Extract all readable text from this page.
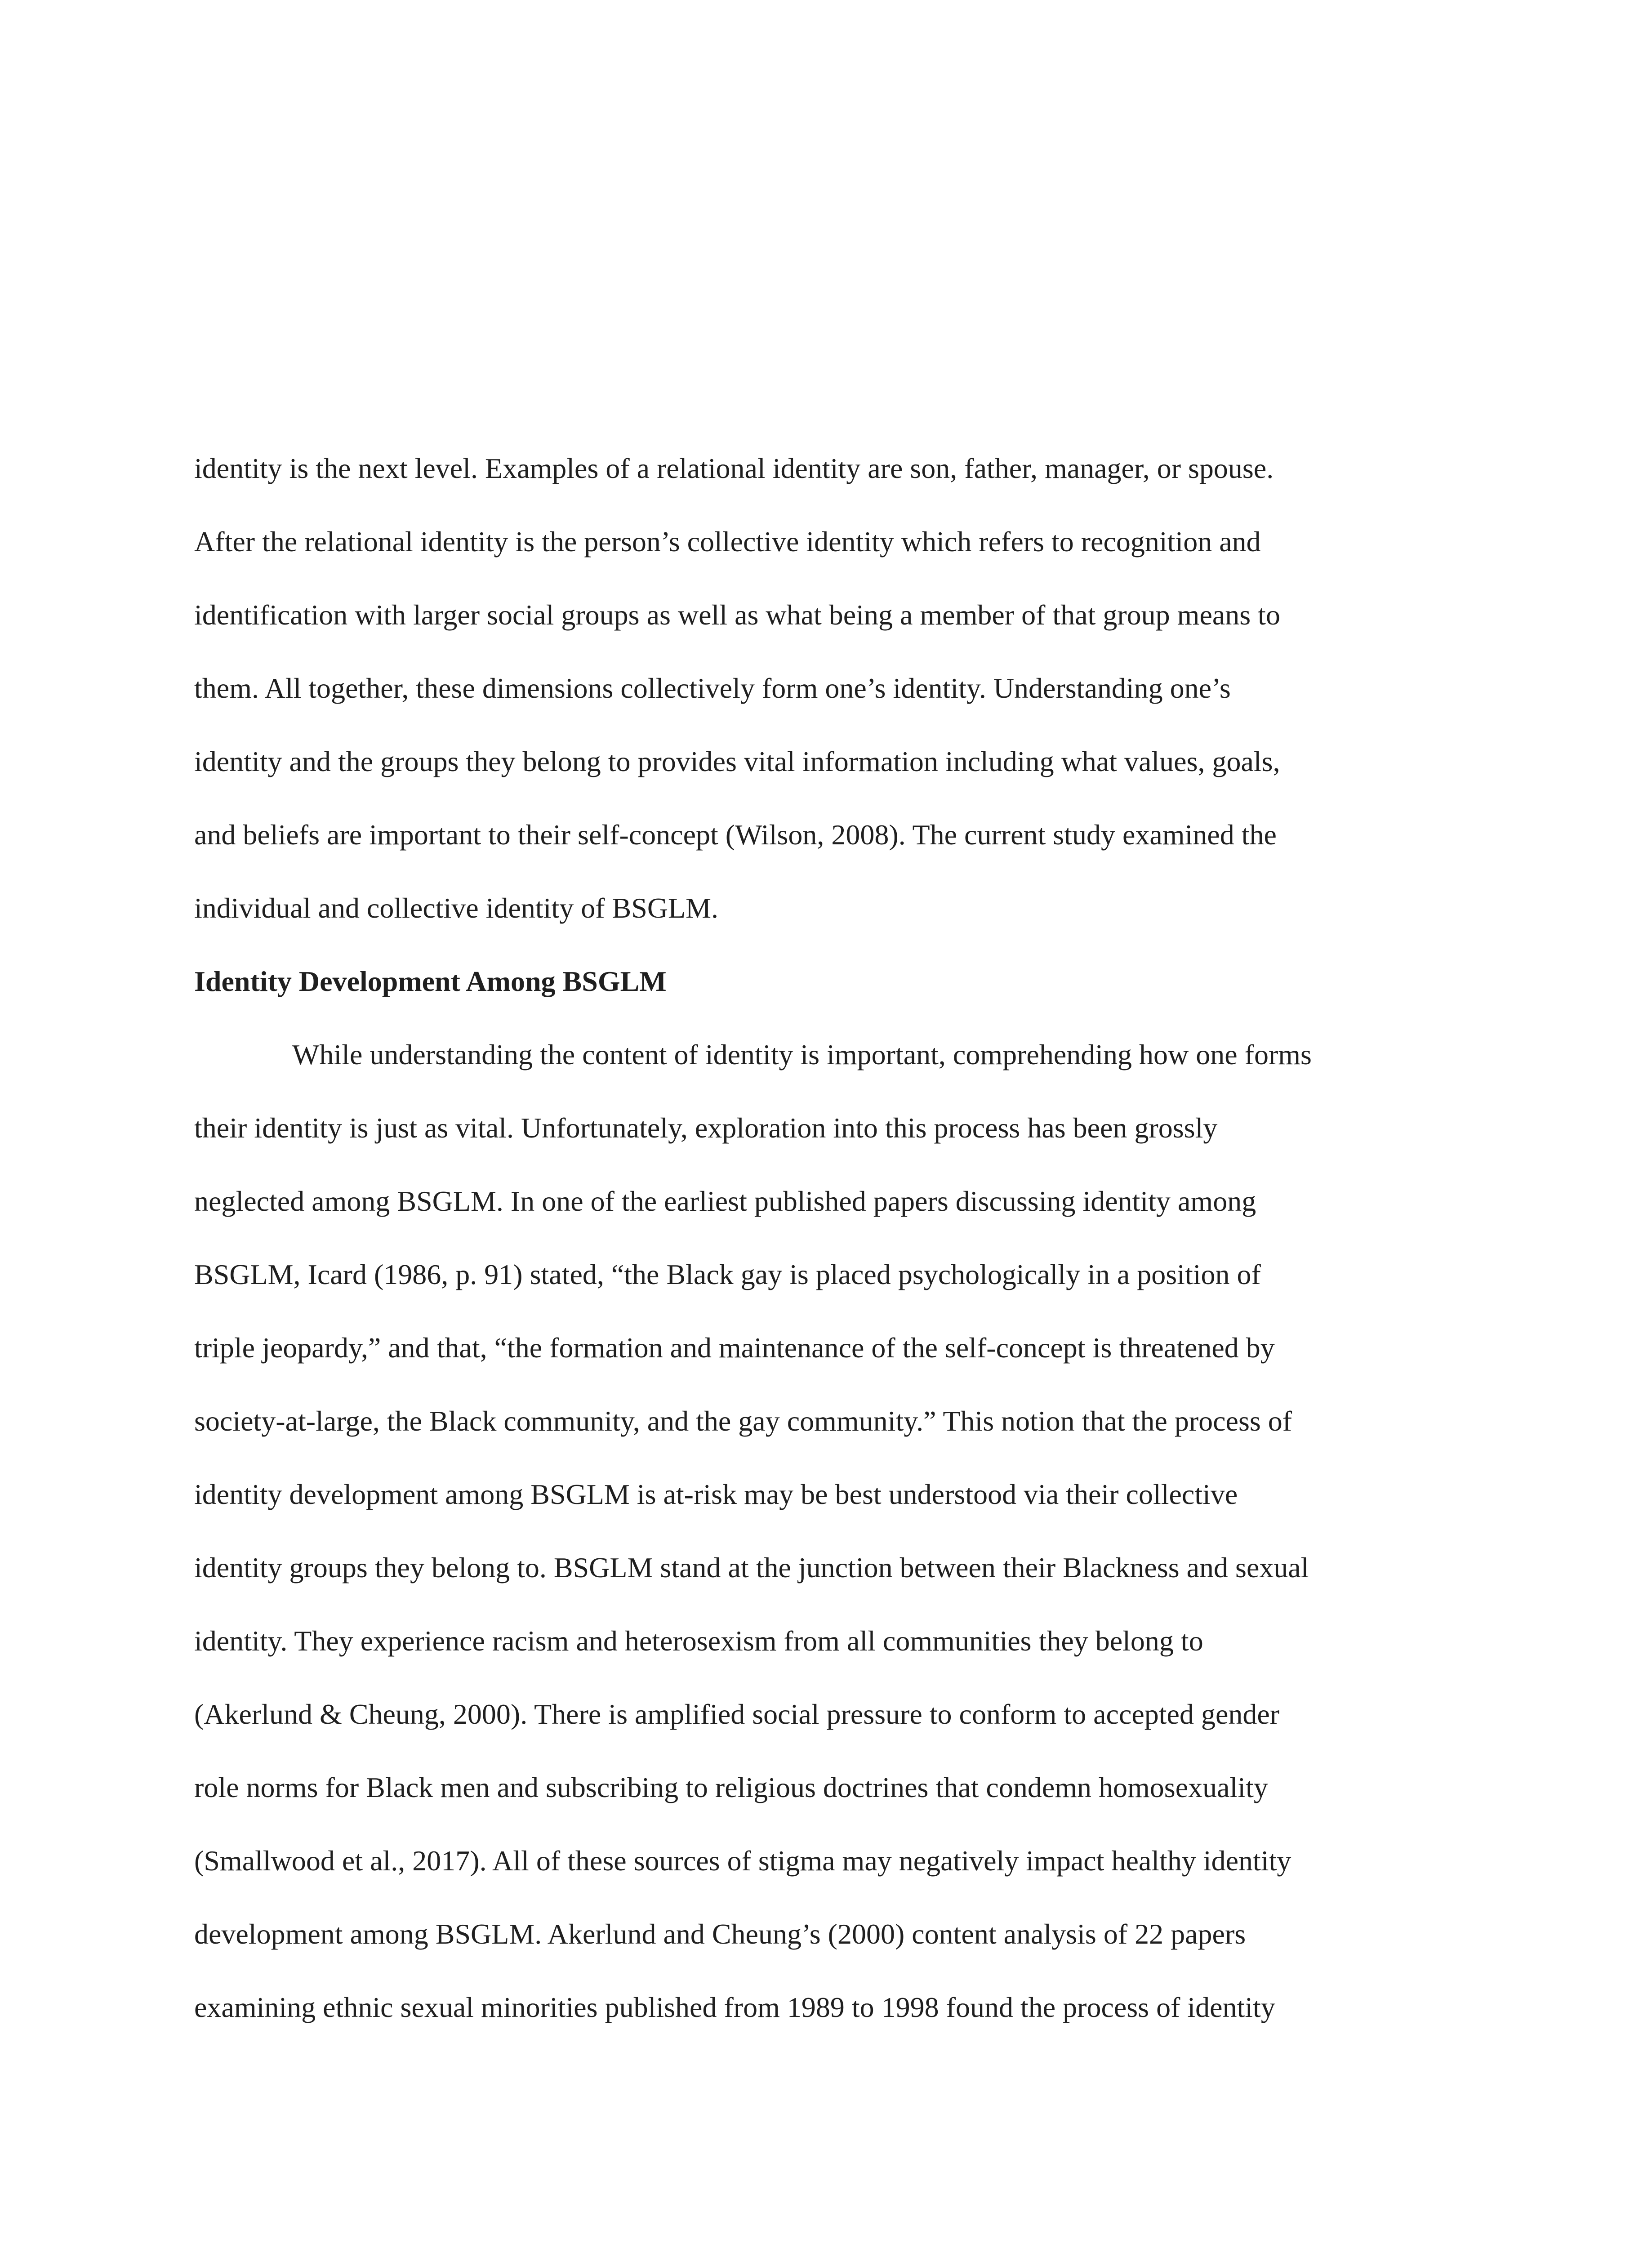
identity is the next level. Examples of a relational identity are son, father, manager, or spouse.
After the relational identity is the person’s collective identity which refers to recognition and
identification with larger social groups as well as what being a member of that group means to
them. All together, these dimensions collectively form one’s identity. Understanding one’s
identity and the groups they belong to provides vital information including what values, goals,
and beliefs are important to their self-concept (Wilson, 2008). The current study examined the
individual and collective identity of BSGLM.
Identity Development Among BSGLM
While understanding the content of identity is important, comprehending how one forms
their identity is just as vital. Unfortunately, exploration into this process has been grossly
neglected among BSGLM. In one of the earliest published papers discussing identity among
BSGLM, Icard (1986, p. 91) stated, “the Black gay is placed psychologically in a position of
triple jeopardy,” and that, “the formation and maintenance of the self-concept is threatened by
society-at-large, the Black community, and the gay community.” This notion that the process of
identity development among BSGLM is at-risk may be best understood via their collective
identity groups they belong to. BSGLM stand at the junction between their Blackness and sexual
identity. They experience racism and heterosexism from all communities they belong to
(Akerlund & Cheung, 2000). There is amplified social pressure to conform to accepted gender
role norms for Black men and subscribing to religious doctrines that condemn homosexuality
(Smallwood et al., 2017). All of these sources of stigma may negatively impact healthy identity
development among BSGLM. Akerlund and Cheung’s (2000) content analysis of 22 papers
examining ethnic sexual minorities published from 1989 to 1998 found the process of identity
